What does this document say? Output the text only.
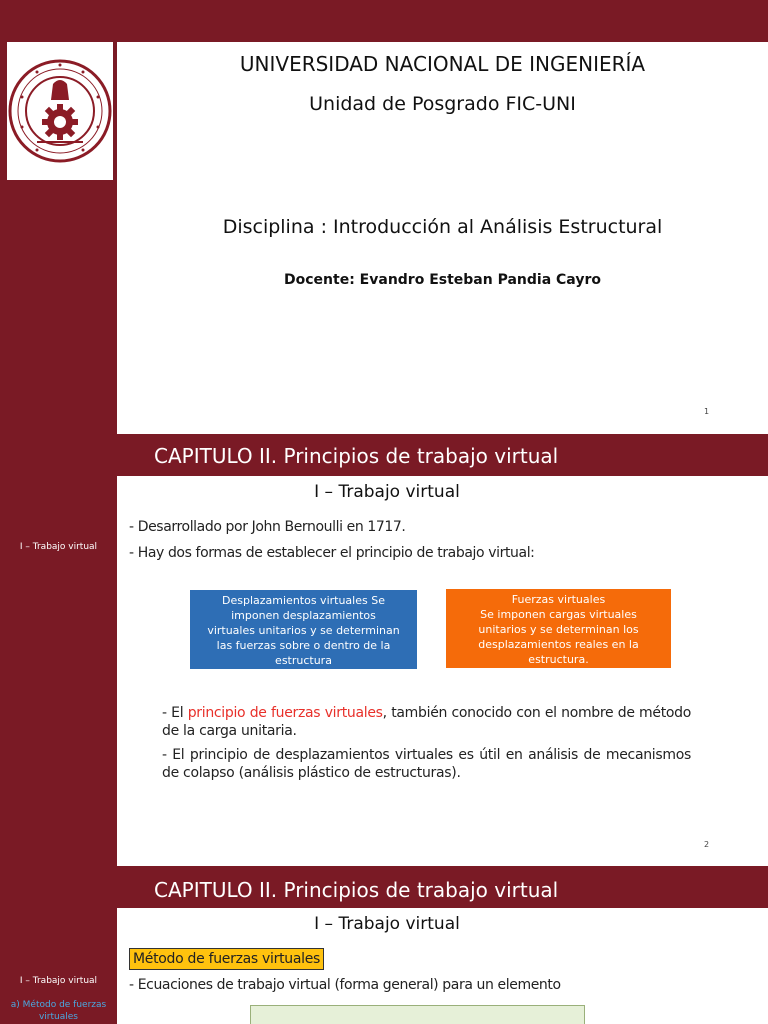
UNIVERSIDAD NACIONAL DE INGENIERÍA
Unidad de Posgrado FIC-UNI
Disciplina : Introducción al Análisis Estructural
Docente: Evandro Esteban Pandia Cayro
1
CAPITULO II. Principios de trabajo virtual
I – Trabajo virtual
I – Trabajo virtual
- Desarrollado por John Bernoulli en 1717.
- Hay dos formas de establecer el principio de trabajo virtual:
Desplazamientos virtuales Se
imponen desplazamientos
virtuales unitarios y se determinan
las fuerzas sobre o dentro de la
estructura
Fuerzas virtuales
Se imponen cargas virtuales
unitarios y se determinan los
desplazamientos reales en la
estructura.
- El principio de fuerzas virtuales, también conocido con el nombre de método de la carga unitaria.
- El principio de desplazamientos virtuales es útil en análisis de mecanismos de colapso (análisis plástico de estructuras).
2
CAPITULO II. Principios de trabajo virtual
I – Trabajo virtual
I – Trabajo virtual
a) Método de fuerzas virtuales
Método de fuerzas virtuales
- Ecuaciones de trabajo virtual (forma general) para un elemento
